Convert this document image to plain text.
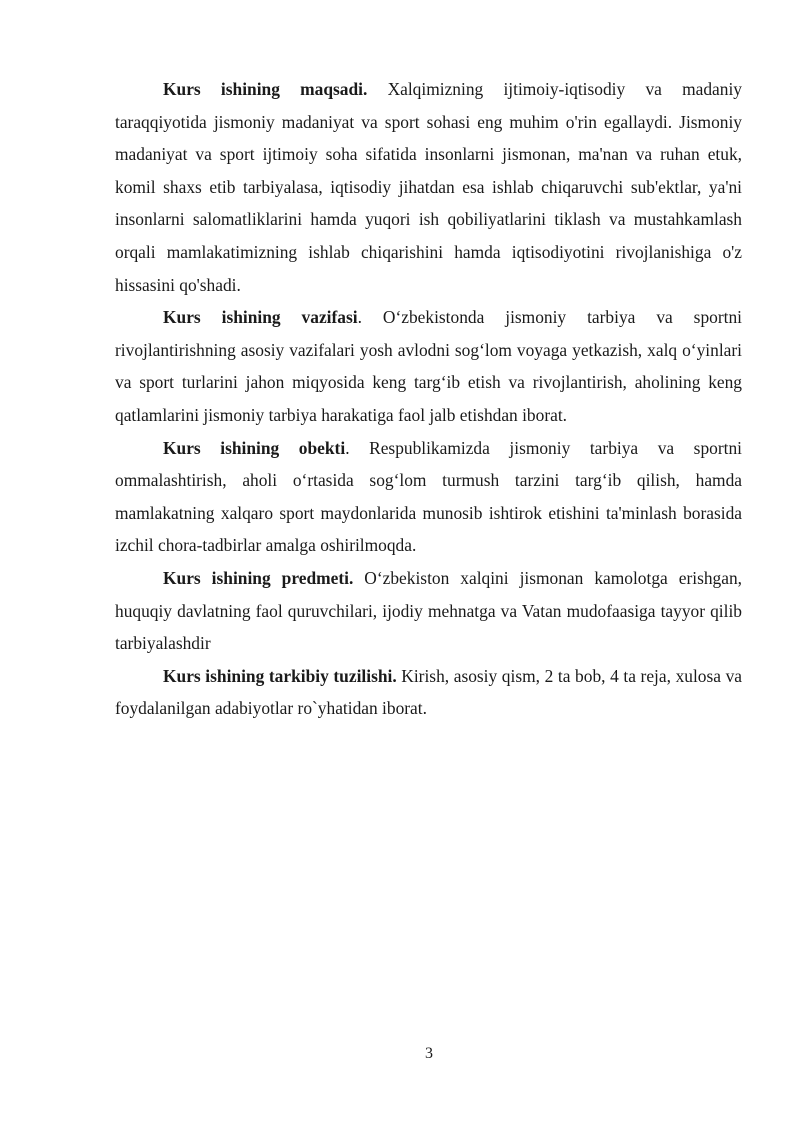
Kurs ishining maqsadi. Xalqimizning ijtimoiy-iqtisodiy va madaniy taraqqiyotida jismoniy madaniyat va sport sohasi eng muhim o'rin egallaydi. Jismoniy madaniyat va sport ijtimoiy soha sifatida insonlarni jismonan, ma'nan va ruhan etuk, komil shaxs etib tarbiyalasa, iqtisodiy jihatdan esa ishlab chiqaruvchi sub'ektlar, ya'ni insonlarni salomatliklarini hamda yuqori ish qobiliyatlarini tiklash va mustahkamlash orqali mamlakatimizning ishlab chiqarishini hamda iqtisodiyotini rivojlanishiga o'z hissasini qo'shadi.

Kurs ishining vazifasi. O‘zbekistonda jismoniy tarbiya va sportni rivojlantirishning asosiy vazifalari yosh avlodni sog‘lom voyaga yetkazish, xalq o‘yinlari va sport turlarini jahon miqyosida keng targ‘ib etish va rivojlantirish, aholining keng qatlamlarini jismoniy tarbiya harakatiga faol jalb etishdan iborat.

Kurs ishining obekti. Respublikamizda jismoniy tarbiya va sportni ommalashtirish, aholi o‘rtasida sog‘lom turmush tarzini targ‘ib qilish, hamda mamlakatning xalqaro sport maydonlarida munosib ishtirok etishini ta'minlash borasida izchil chora-tadbirlar amalga oshirilmoqda.

Kurs ishining predmeti. O‘zbekiston xalqini jismonan kamolotga erishgan, huquqiy davlatning faol quruvchilari, ijodiy mehnatga va Vatan mudofaasiga tayyor qilib tarbiyalashdir

Kurs ishining tarkibiy tuzilishi. Kirish, asosiy qism, 2 ta bob, 4 ta reja, xulosa va foydalanilgan adabiyotlar ro`yhatidan iborat.

3
